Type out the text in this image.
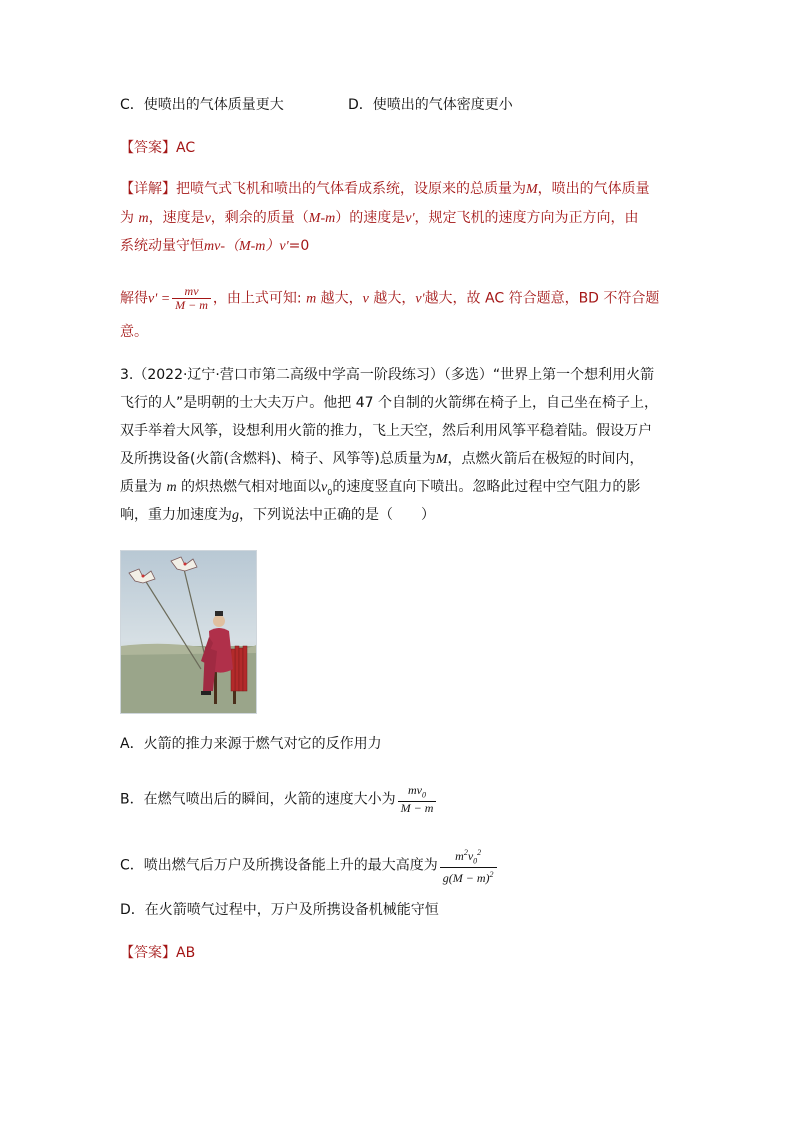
C．使喷出的气体质量更大	D．使喷出的气体密度更小
【答案】AC
【详解】把喷气式飞机和喷出的气体看成系统，设原来的总质量为M，喷出的气体质量
为 m，速度是v，剩余的质量（M-m）的速度是v'，规定飞机的速度方向为正方向，由
系统动量守恒mv-（M-m）v'=0
解得$v' = \frac{mv}{M - m}$ ，由上式可知: m 越大，v 越大，v'越大，故 AC 符合题意，BD 不符合题
意。
3.（2022·辽宁·营口市第二高级中学高一阶段练习）（多选）“世界上第一个想利用火箭
飞行的人”是明朝的士大夫万户。他把 47 个自制的火箭绑在椅子上，自己坐在椅子上，
双手举着大风筝，设想利用火箭的推力，飞上天空，然后利用风筝平稳着陆。假设万户
及所携设备(火箭(含燃料)、椅子、风筝等)总质量为M，点燃火箭后在极短的时间内，
质量为 m 的炽热燃气相对地面以$v_0$的速度竖直向下喷出。忽略此过程中空气阻力的影
响，重力加速度为g，下列说法中正确的是（　　）
A．火箭的推力来源于燃气对它的反作用力
B．在燃气喷出后的瞬间，火箭的速度大小为 $\frac{mv_0}{M - m}$
C．喷出燃气后万户及所携设备能上升的最大高度为 $\frac{m^2v_0^2}{g(M - m)^2}$
D．在火箭喷气过程中，万户及所携设备机械能守恒
【答案】AB
